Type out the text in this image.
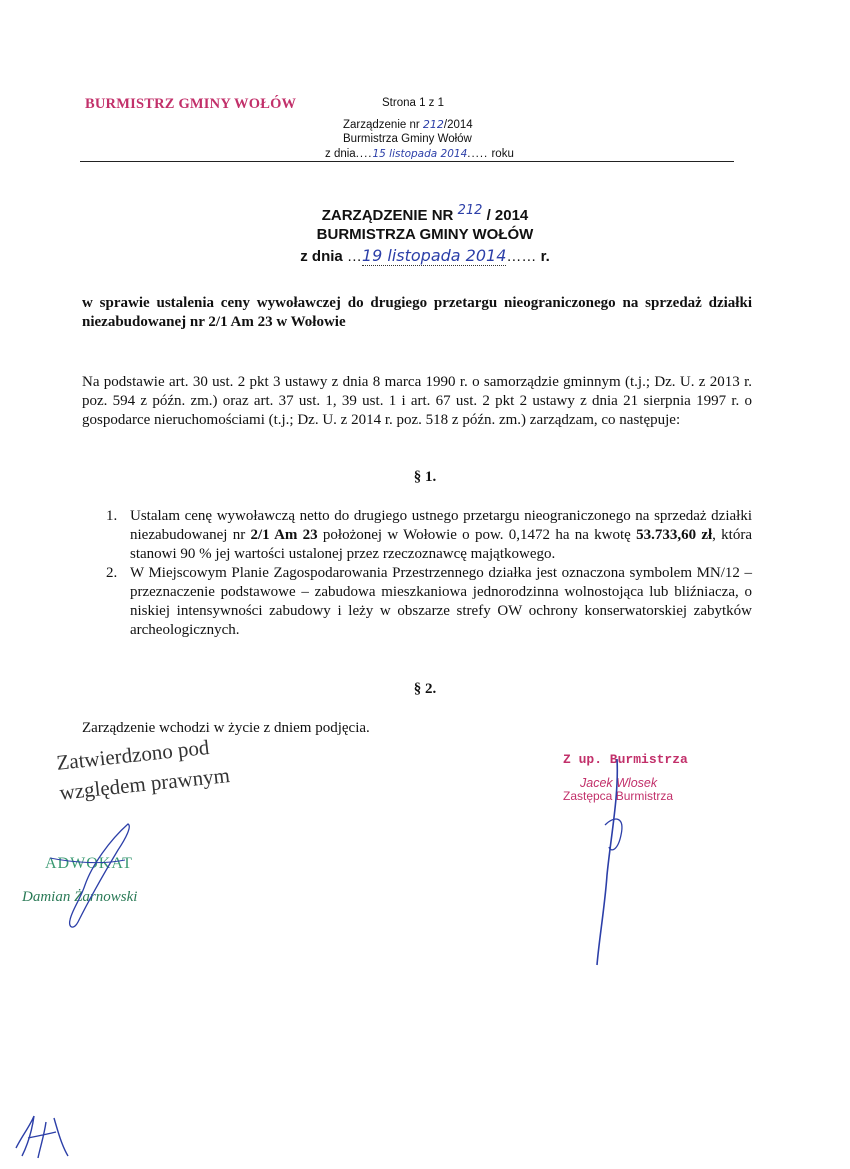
BURMISTRZ GMINY WOŁÓW	Strona 1 z 1
Zarządzenie nr 212/2014
Burmistrza Gminy Wołów
z dnia....15 listopada 2014..... roku
ZARZĄDZENIE NR 212 / 2014
BURMISTRZA GMINY WOŁÓW
z dnia …19 listopada 2014…… r.
w sprawie ustalenia ceny wywoławczej do drugiego przetargu nieograniczonego na sprzedaż działki niezabudowanej nr 2/1 Am 23 w Wołowie
Na podstawie art. 30 ust. 2 pkt 3 ustawy z dnia 8 marca 1990 r. o samorządzie gminnym (t.j.; Dz. U. z 2013 r. poz. 594 z późn. zm.) oraz art. 37 ust. 1, 39 ust. 1 i art. 67 ust. 2 pkt 2 ustawy z dnia 21 sierpnia 1997 r. o gospodarce nieruchomościami (t.j.; Dz. U. z 2014 r. poz. 518 z późn. zm.) zarządzam, co następuje:
§ 1.
1. Ustalam cenę wywoławczą netto do drugiego ustnego przetargu nieograniczonego na sprzedaż działki niezabudowanej nr 2/1 Am 23 położonej w Wołowie o pow. 0,1472 ha na kwotę 53.733,60 zł, która stanowi 90 % jej wartości ustalonej przez rzeczoznawcę majątkowego.
2. W Miejscowym Planie Zagospodarowania Przestrzennego działka jest oznaczona symbolem MN/12 – przeznaczenie podstawowe – zabudowa mieszkaniowa jednorodzinna wolnostojąca lub bliźniacza, o niskiej intensywności zabudowy i leży w obszarze strefy OW ochrony konserwatorskiej zabytków archeologicznych.
§ 2.
Zarządzenie wchodzi w życie z dniem podjęcia.
Zatwierdzono pod
względem prawnym
ADWOKAT
Damian Żarnowski
Z up. Burmistrza
Jacek Wlosek
Zastępca Burmistrza
